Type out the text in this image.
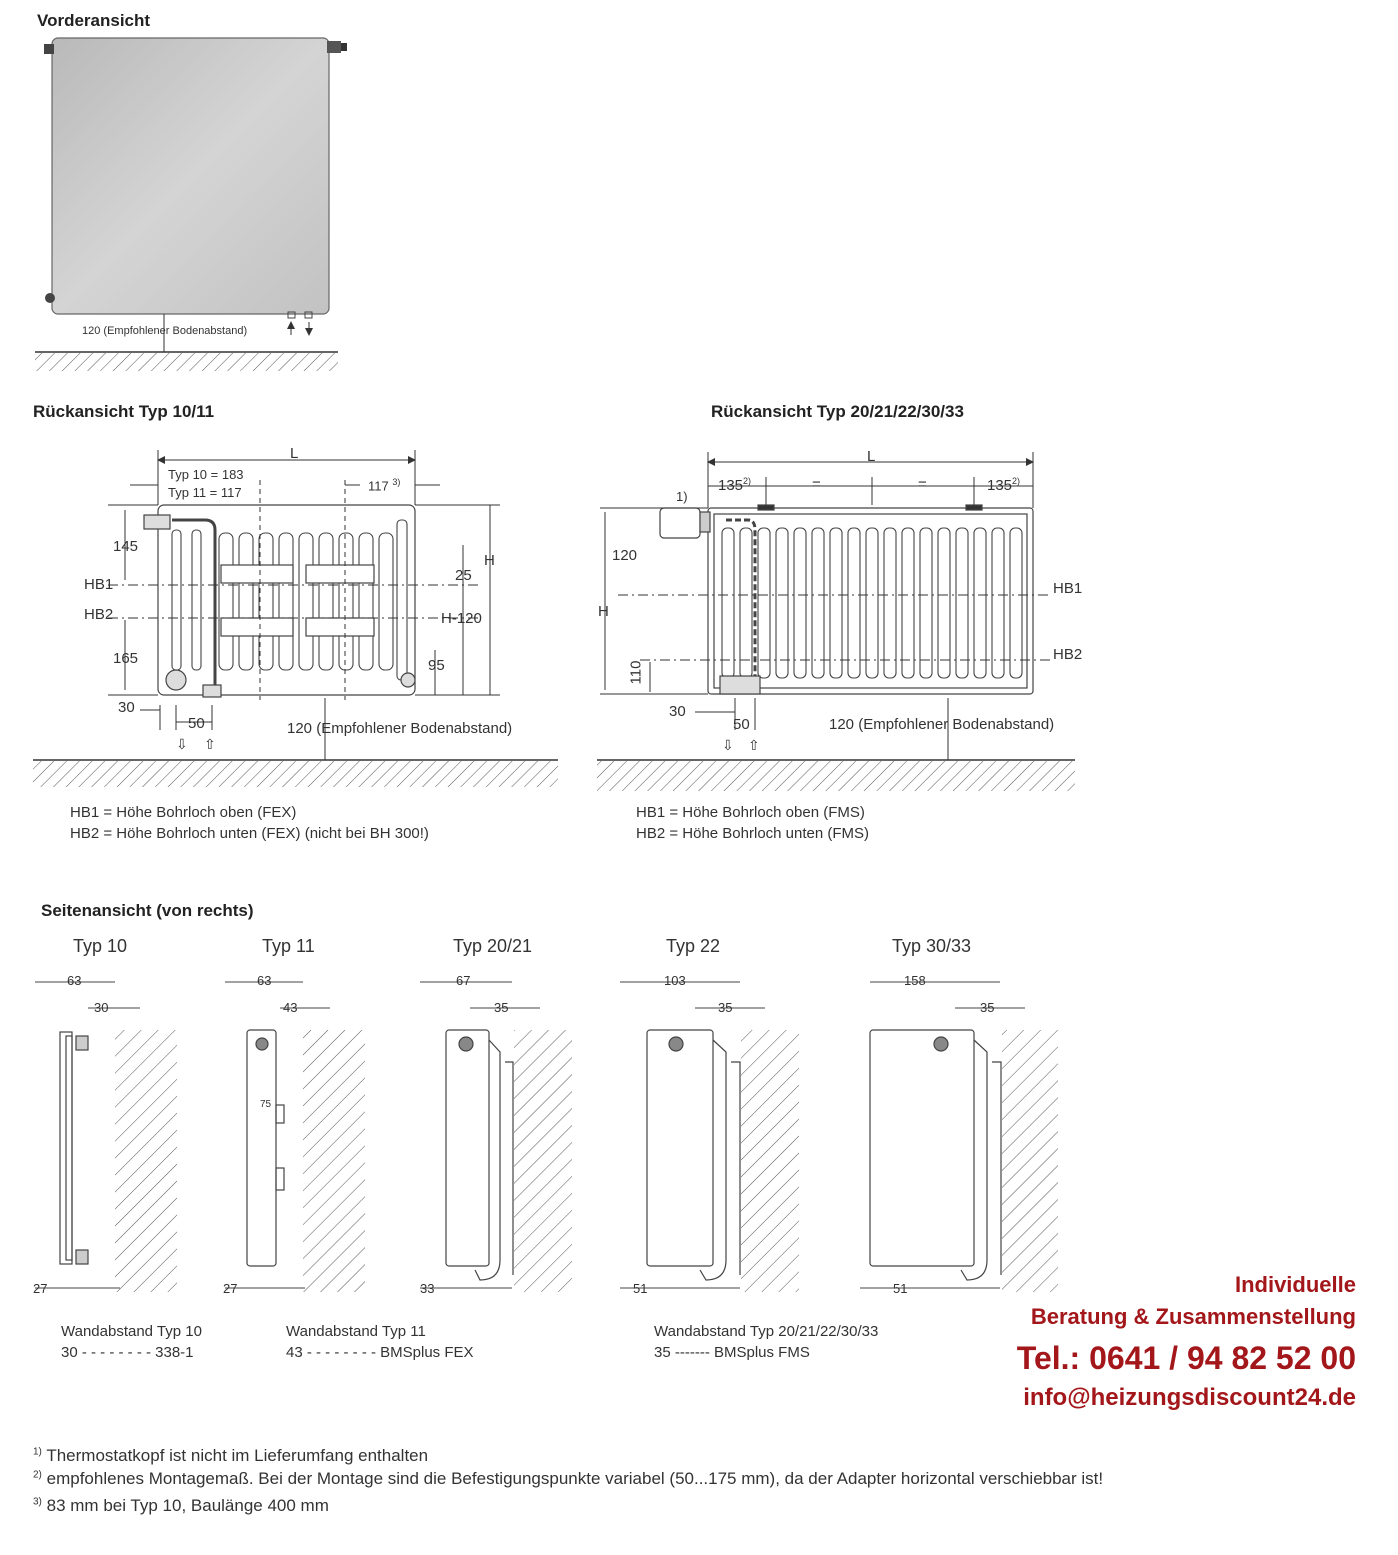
Vorderansicht
⇩ ⇧	⇩ ⇧
120 (Empfohlener Bodenabstand)
Rückansicht Typ 10/11
L
Typ 10 = 183
Typ 11 = 117	117 $^{3)}$
145
HB1
HB2
165
30
50
25
H
H-120
95
120 (Empfohlener Bodenabstand)
HB1 = Höhe Bohrloch oben (FEX)
HB2 = Höhe Bohrloch unten (FEX) (nicht bei BH 300!)
Rückansicht Typ 20/21/22/30/33
L
$135^{2)}$	=	=	$135^{2)}$
1)
120
H
110
30
50
HB1
HB2
120 (Empfohlener Bodenabstand)
HB1 = Höhe Bohrloch oben (FMS)
HB2 = Höhe Bohrloch unten (FMS)
Seitenansicht (von rechts)
Typ 10
63
30
27
Typ 11
63
43
75
27
Typ 20/21
67
35
33
Typ 22
103
35
51
Typ 30/33
158
35
51
Wandabstand Typ 10
30 - - - - - - - - 338-1
Wandabstand Typ 11
43 - - - - - - - - BMSplus FEX
Wandabstand Typ 20/21/22/30/33
35 ------- BMSplus FMS
Individuelle
Beratung & Zusammenstellung
Tel.: 0641 / 94 82 52 00
info@heizungsdiscount24.de
$^{1)}$ Thermostatkopf ist nicht im Lieferumfang enthalten
$^{2)}$ empfohlenes Montagemaß. Bei der Montage sind die Befestigungspunkte variabel (50...175 mm), da der Adapter horizontal verschiebbar ist!
$^{3)}$ 83 mm bei Typ 10, Baulänge 400 mm
